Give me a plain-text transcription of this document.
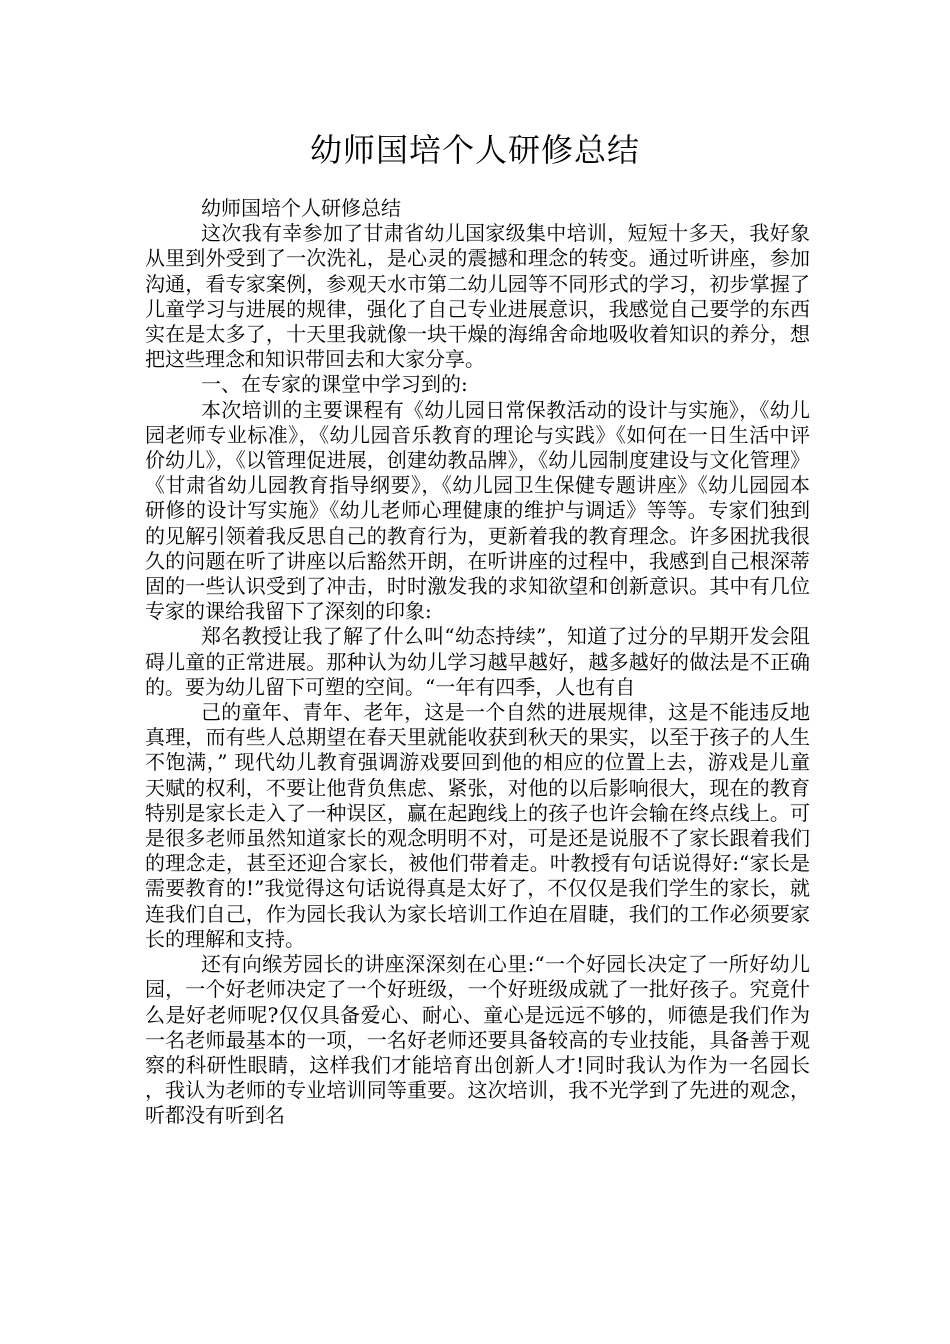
幼师国培个人研修总结

幼师国培个人研修总结

这次我有幸参加了甘肃省幼儿国家级集中培训，短短十多天，我好象从里到外受到了一次洗礼，是心灵的震撼和理念的转变。通过听讲座，参加沟通，看专家案例，参观天水市第二幼儿园等不同形式的学习，初步掌握了儿童学习与进展的规律，强化了自己专业进展意识，我感觉自己要学的东西实在是太多了，十天里我就像一块干燥的海绵舍命地吸收着知识的养分，想把这些理念和知识带回去和大家分享。

一、在专家的课堂中学习到的:

本次培训的主要课程有《幼儿园日常保教活动的设计与实施》，《幼儿园老师专业标准》，《幼儿园音乐教育的理论与实践》《如何在一日生活中评价幼儿》，《以管理促进展，创建幼教品牌》，《幼儿园制度建设与文化管理》《甘肃省幼儿园教育指导纲要》，《幼儿园卫生保健专题讲座》《幼儿园园本研修的设计写实施》《幼儿老师心理健康的维护与调适》等等。专家们独到的见解引领着我反思自己的教育行为，更新着我的教育理念。许多困扰我很久的问题在听了讲座以后豁然开朗，在听讲座的过程中，我感到自己根深蒂固的一些认识受到了冲击，时时激发我的求知欲望和创新意识。其中有几位专家的课给我留下了深刻的印象:

郑名教授让我了解了什么叫“幼态持续”，知道了过分的早期开发会阻碍儿童的正常进展。那种认为幼儿学习越早越好，越多越好的做法是不正确的。要为幼儿留下可塑的空间。“一年有四季，人也有自

己的童年、青年、老年，这是一个自然的进展规律，这是不能违反地真理，而有些人总期望在春天里就能收获到秋天的果实，以至于孩子的人生不饱满，” 现代幼儿教育强调游戏要回到他的相应的位置上去，游戏是儿童天赋的权利，不要让他背负焦虑、紧张，对他的以后影响很大，现在的教育特别是家长走入了一种误区，赢在起跑线上的孩子也许会输在终点线上。可是很多老师虽然知道家长的观念明明不对，可是还是说服不了家长跟着我们的理念走，甚至还迎合家长，被他们带着走。叶教授有句话说得好:“家长是需要教育的!”我觉得这句话说得真是太好了，不仅仅是我们学生的家长，就连我们自己，作为园长我认为家长培训工作迫在眉睫，我们的工作必须要家长的理解和支持。

还有向缑芳园长的讲座深深刻在心里:“一个好园长决定了一所好幼儿园，一个好老师决定了一个好班级，一个好班级成就了一批好孩子。究竟什么是好老师呢?仅仅具备爱心、耐心、童心是远远不够的，师德是我们作为一名老师最基本的一项，一名好老师还要具备较高的专业技能，具备善于观察的科研性眼睛，这样我们才能培育出创新人才!同时我认为作为一名园长，我认为老师的专业培训同等重要。这次培训，我不光学到了先进的观念，听都没有听到名
